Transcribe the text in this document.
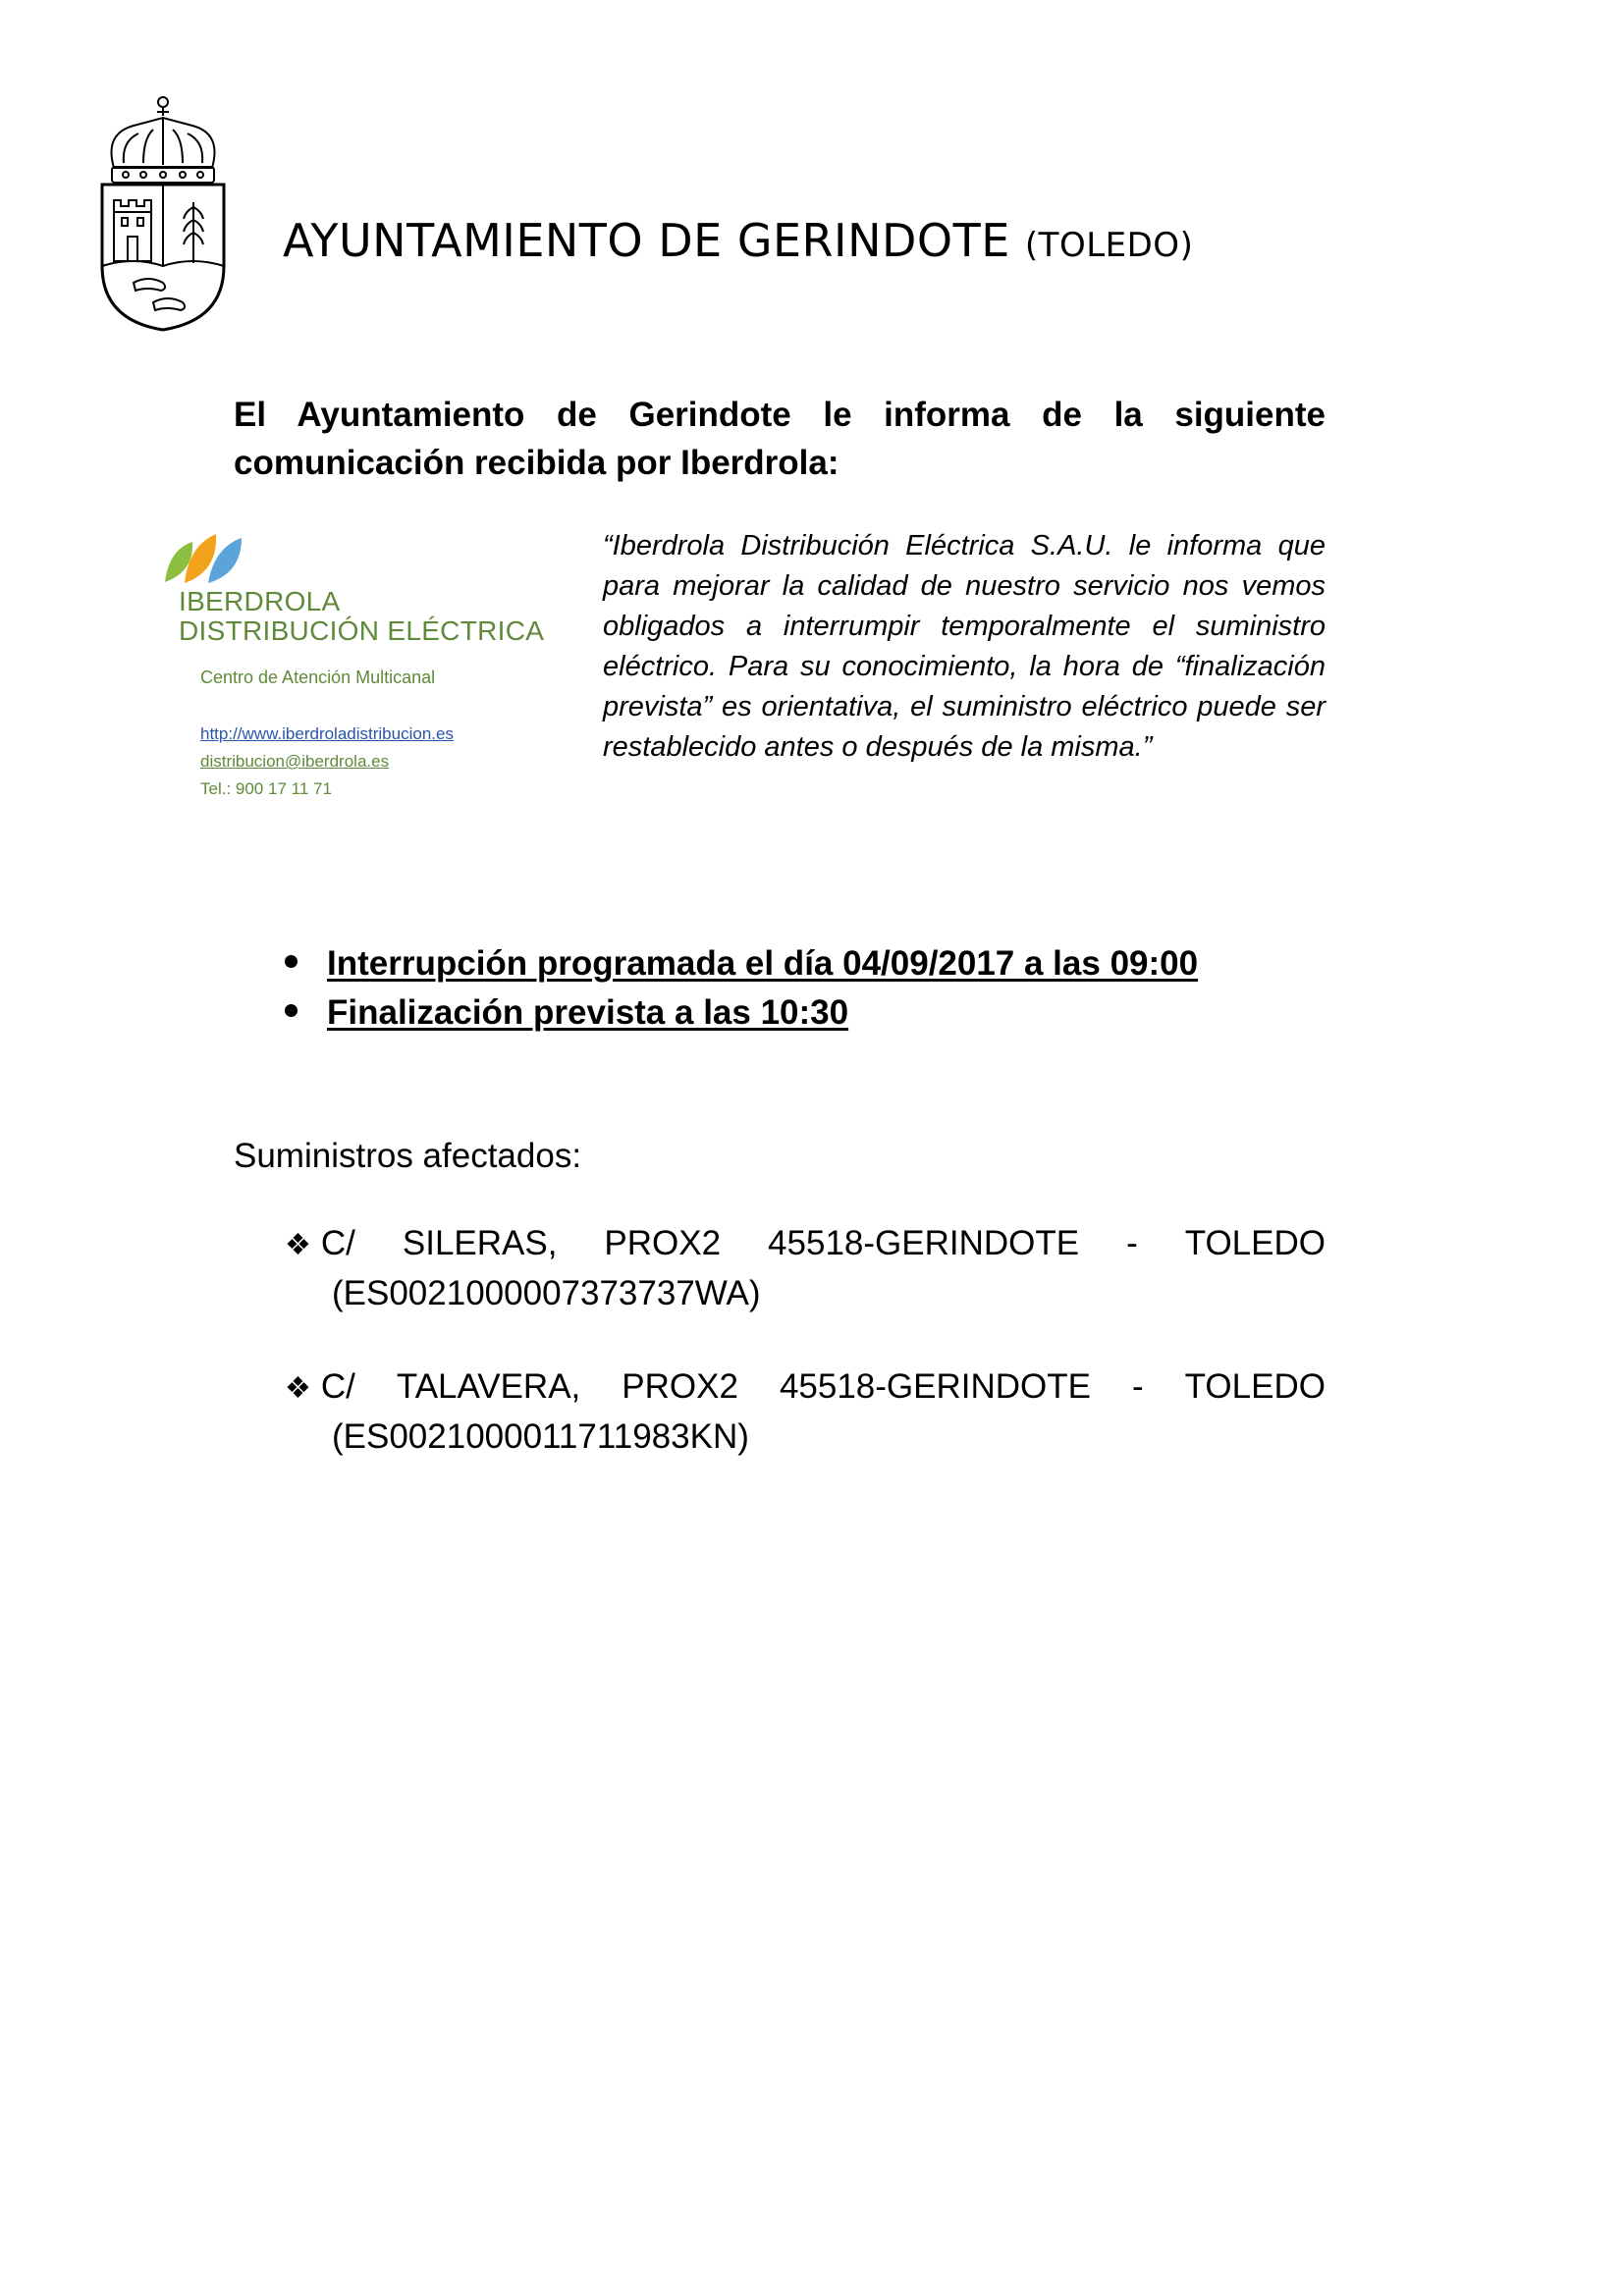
AYUNTAMIENTO DE GERINDOTE (TOLEDO)
El Ayuntamiento de Gerindote le informa de la siguiente
comunicación recibida por Iberdrola:
IBERDROLA
DISTRIBUCIÓN ELÉCTRICA
Centro de Atención Multicanal
http://www.iberdroladistribucion.es
distribucion@iberdrola.es
Tel.: 900 17 11 71
“Iberdrola Distribución Eléctrica S.A.U. le informa que para mejorar la calidad de nuestro servicio nos vemos obligados a interrumpir temporalmente el suministro eléctrico. Para su conocimiento, la hora de “finalización prevista” es orientativa, el suministro eléctrico puede ser restablecido antes o después de la misma.”
Interrupción programada el día 04/09/2017 a las 09:00
Finalización prevista a las 10:30
Suministros afectados:
❖ C/ SILERAS, PROX2 45518-GERINDOTE - TOLEDO
(ES0021000007373737WA)
❖ C/ TALAVERA, PROX2 45518-GERINDOTE - TOLEDO
(ES0021000011711983KN)
